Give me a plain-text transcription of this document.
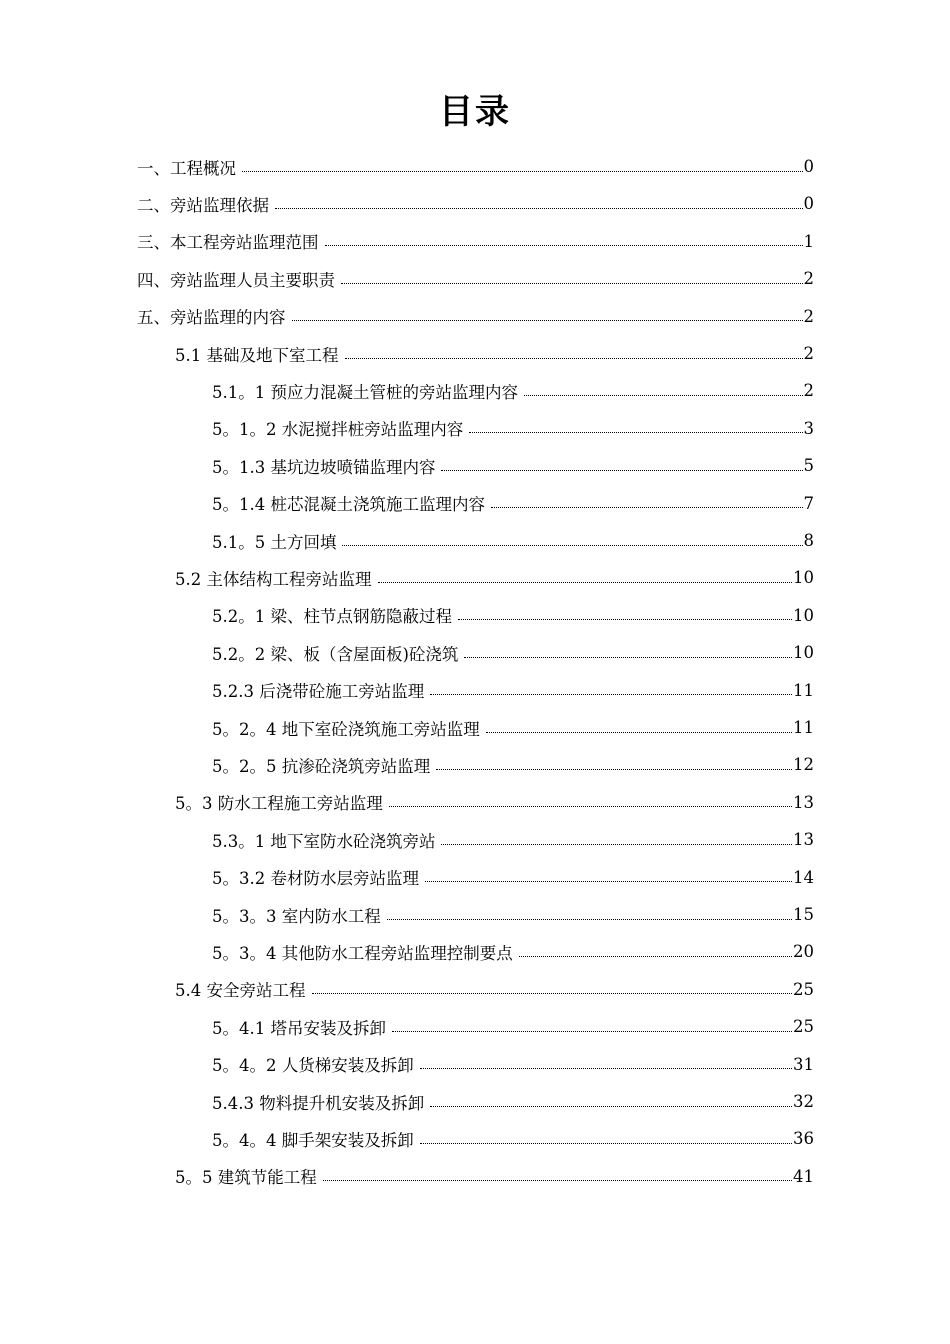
目录
一、工程概况	0
二、旁站监理依据	0
三、本工程旁站监理范围	1
四、旁站监理人员主要职责	2
五、旁站监理的内容	2
5.1 基础及地下室工程	2
5.1。1 预应力混凝土管桩的旁站监理内容	2
5。1。2 水泥搅拌桩旁站监理内容	3
5。1.3 基坑边坡喷锚监理内容	5
5。1.4 桩芯混凝土浇筑施工监理内容	7
5.1。5 土方回填	8
5.2 主体结构工程旁站监理	10
5.2。1 梁、柱节点钢筋隐蔽过程	10
5.2。2 梁、板（含屋面板)砼浇筑	10
5.2.3 后浇带砼施工旁站监理	11
5。2。4 地下室砼浇筑施工旁站监理	11
5。2。5 抗渗砼浇筑旁站监理	12
5。3 防水工程施工旁站监理	13
5.3。1 地下室防水砼浇筑旁站	13
5。3.2 卷材防水层旁站监理	14
5。3。3 室内防水工程	15
5。3。4 其他防水工程旁站监理控制要点	20
5.4 安全旁站工程	25
5。4.1 塔吊安装及拆卸	25
5。4。2 人货梯安装及拆卸	31
5.4.3 物料提升机安装及拆卸	32
5。4。4 脚手架安装及拆卸	36
5。5 建筑节能工程	41
